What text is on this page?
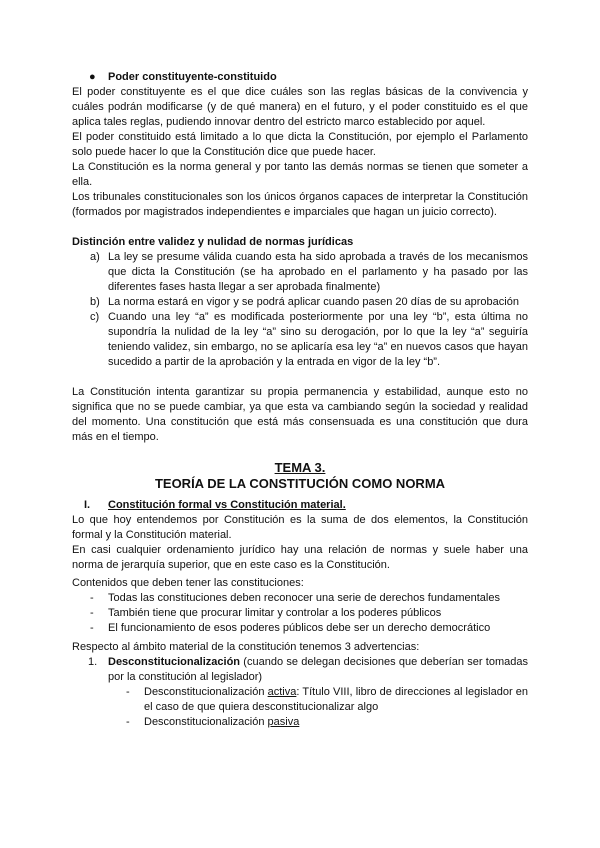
● Poder constituyente-constituido

El poder constituyente es el que dice cuáles son las reglas básicas de la convivencia y cuáles podrán modificarse (y de qué manera) en el futuro, y el poder constituido es el que aplica tales reglas, pudiendo innovar dentro del estricto marco establecido por aquel.

El poder constituido está limitado a lo que dicta la Constitución, por ejemplo el Parlamento solo puede hacer lo que la Constitución dice que puede hacer.

La Constitución es la norma general y por tanto las demás normas se tienen que someter a ella.

Los tribunales constitucionales son los únicos órganos capaces de interpretar la Constitución (formados por magistrados independientes e imparciales que hagan un juicio correcto).

Distinción entre validez y nulidad de normas jurídicas

a) La ley se presume válida cuando esta ha sido aprobada a través de los mecanismos que dicta la Constitución (se ha aprobado en el parlamento y ha pasado por las diferentes fases hasta llegar a ser aprobada finalmente)

b) La norma estará en vigor y se podrá aplicar cuando pasen 20 días de su aprobación

c) Cuando una ley “a” es modificada posteriormente por una ley “b”, esta última no supondría la nulidad de la ley “a” sino su derogación, por lo que la ley “a” seguiría teniendo validez, sin embargo, no se aplicaría esa ley “a” en nuevos casos que hayan sucedido a partir de la aprobación y la entrada en vigor de la ley “b”.

La Constitución intenta garantizar su propia permanencia y estabilidad, aunque esto no significa que no se puede cambiar, ya que esta va cambiando según la sociedad y realidad del momento. Una constitución que está más consensuada es una constitución que dura más en el tiempo.

TEMA 3.
TEORÍA DE LA CONSTITUCIÓN COMO NORMA
I. Constitución formal vs Constitución material.

Lo que hoy entendemos por Constitución es la suma de dos elementos, la Constitución formal y la Constitución material.

En casi cualquier ordenamiento jurídico hay una relación de normas y suele haber una norma de jerarquía superior, que en este caso es la Constitución.

Contenidos que deben tener las constituciones:

- Todas las constituciones deben reconocer una serie de derechos fundamentales

- También tiene que procurar limitar y controlar a los poderes públicos

- El funcionamiento de esos poderes públicos debe ser un derecho democrático

Respecto al ámbito material de la constitución tenemos 3 advertencias:

1. Desconstitucionalización (cuando se delegan decisiones que deberían ser tomadas por la constitución al legislador)

- Desconstitucionalización activa: Título VIII, libro de direcciones al legislador en el caso de que quiera desconstitucionalizar algo

- Desconstitucionalización pasiva
